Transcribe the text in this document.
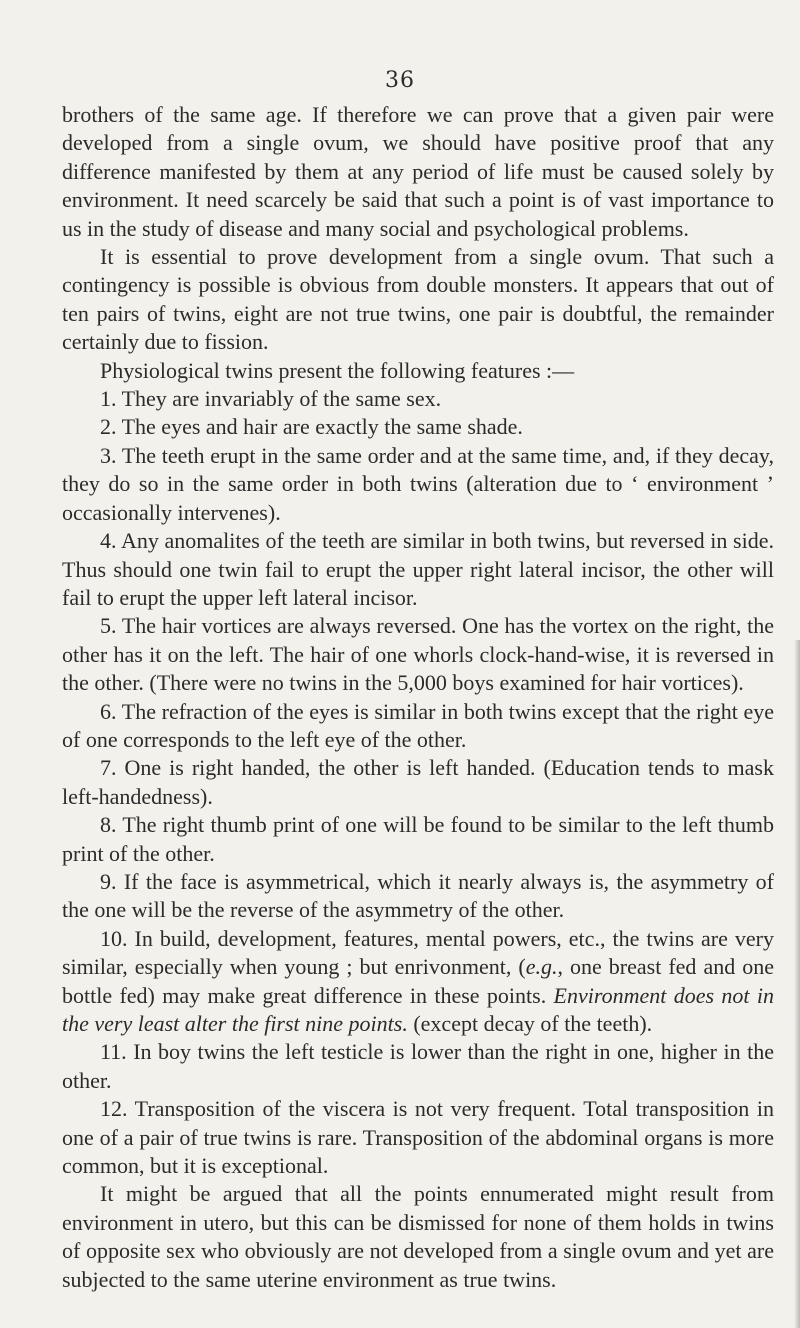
36

brothers of the same age. If therefore we can prove that a given pair were developed from a single ovum, we should have positive proof that any difference manifested by them at any period of life must be caused solely by environment. It need scarcely be said that such a point is of vast importance to us in the study of disease and many social and psychological problems.

It is essential to prove development from a single ovum. That such a contingency is possible is obvious from double monsters. It appears that out of ten pairs of twins, eight are not true twins, one pair is doubtful, the remainder certainly due to fission.

Physiological twins present the following features :—

1. They are invariably of the same sex.

2. The eyes and hair are exactly the same shade.

3. The teeth erupt in the same order and at the same time, and, if they decay, they do so in the same order in both twins (alteration due to ‘ environment ’ occasionally intervenes).

4. Any anomalites of the teeth are similar in both twins, but reversed in side. Thus should one twin fail to erupt the upper right lateral incisor, the other will fail to erupt the upper left lateral incisor.

5. The hair vortices are always reversed. One has the vortex on the right, the other has it on the left. The hair of one whorls clock-hand-wise, it is reversed in the other. (There were no twins in the 5,000 boys examined for hair vortices).

6. The refraction of the eyes is similar in both twins except that the right eye of one corresponds to the left eye of the other.

7. One is right handed, the other is left handed. (Education tends to mask left-handedness).

8. The right thumb print of one will be found to be similar to the left thumb print of the other.

9. If the face is asymmetrical, which it nearly always is, the asymmetry of the one will be the reverse of the asymmetry of the other.

10. In build, development, features, mental powers, etc., the twins are very similar, especially when young ; but enrivonment, (e.g., one breast fed and one bottle fed) may make great difference in these points. Environment does not in the very least alter the first nine points. (except decay of the teeth).

11. In boy twins the left testicle is lower than the right in one, higher in the other.

12. Transposition of the viscera is not very frequent. Total transposition in one of a pair of true twins is rare. Transposition of the abdominal organs is more common, but it is exceptional.

It might be argued that all the points ennumerated might result from environment in utero, but this can be dismissed for none of them holds in twins of opposite sex who obviously are not developed from a single ovum and yet are subjected to the same uterine environment as true twins.
